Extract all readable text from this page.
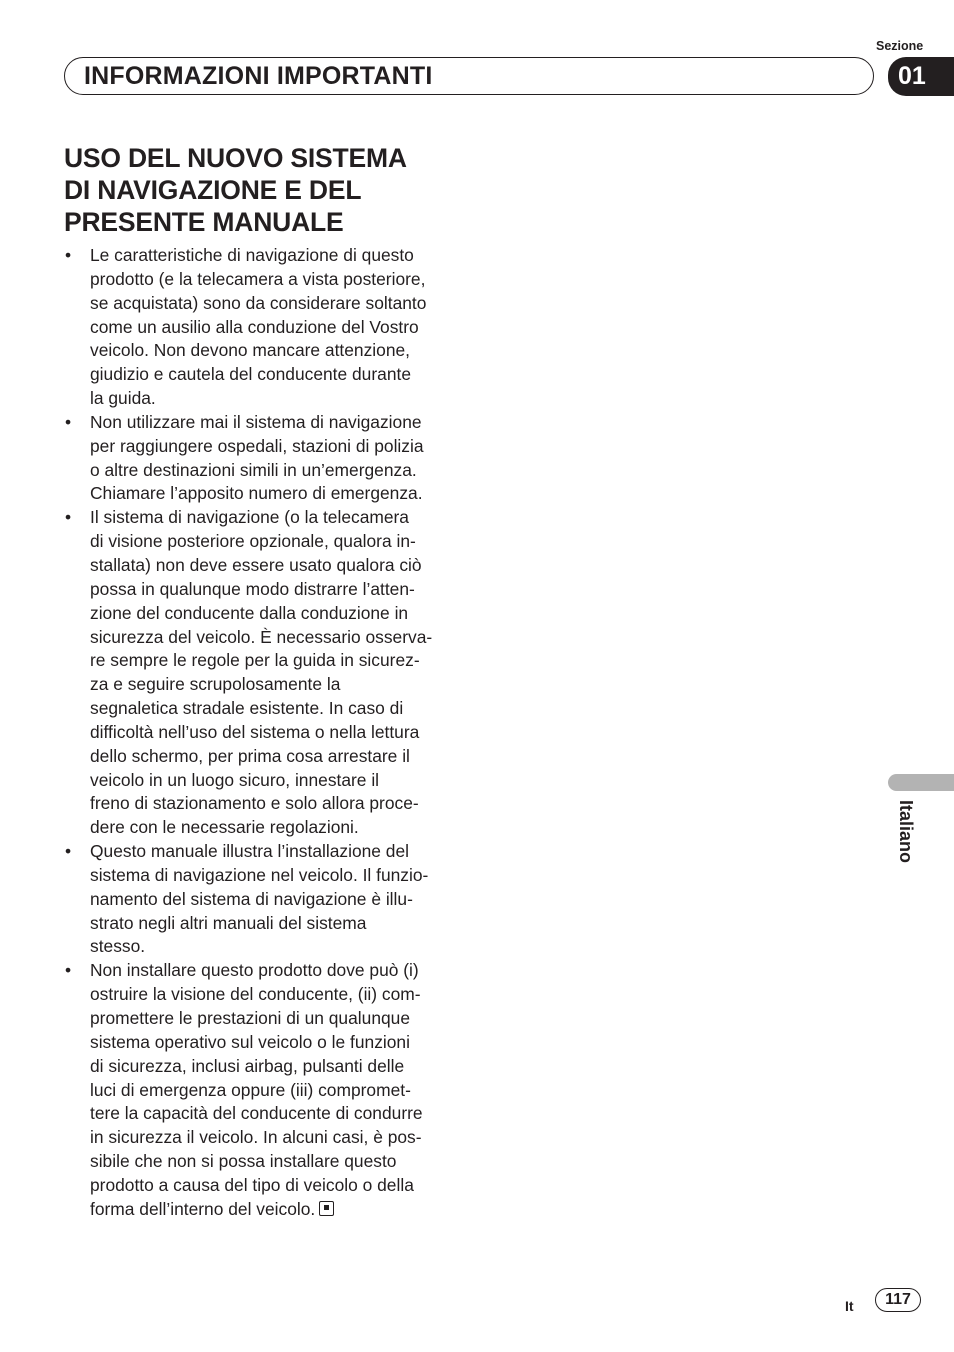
INFORMAZIONI IMPORTANTI
Sezione
01
USO DEL NUOVO SISTEMA
DI NAVIGAZIONE E DEL
PRESENTE MANUALE
• Le caratteristiche di navigazione di questo
prodotto (e la telecamera a vista posteriore,
se acquistata) sono da considerare soltanto
come un ausilio alla conduzione del Vostro
veicolo. Non devono mancare attenzione,
giudizio e cautela del conducente durante
la guida.
• Non utilizzare mai il sistema di navigazione
per raggiungere ospedali, stazioni di polizia
o altre destinazioni simili in un’emergenza.
Chiamare l’apposito numero di emergenza.
• Il sistema di navigazione (o la telecamera
di visione posteriore opzionale, qualora in-
stallata) non deve essere usato qualora ciò
possa in qualunque modo distrarre l’atten-
zione del conducente dalla conduzione in
sicurezza del veicolo. È necessario osserva-
re sempre le regole per la guida in sicurez-
za e seguire scrupolosamente la
segnaletica stradale esistente. In caso di
difficoltà nell’uso del sistema o nella lettura
dello schermo, per prima cosa arrestare il
veicolo in un luogo sicuro, innestare il
freno di stazionamento e solo allora proce-
dere con le necessarie regolazioni.
• Questo manuale illustra l’installazione del
sistema di navigazione nel veicolo. Il funzio-
namento del sistema di navigazione è illu-
strato negli altri manuali del sistema
stesso.
• Non installare questo prodotto dove può (i)
ostruire la visione del conducente, (ii) com-
promettere le prestazioni di un qualunque
sistema operativo sul veicolo o le funzioni
di sicurezza, inclusi airbag, pulsanti delle
luci di emergenza oppure (iii) compromet-
tere la capacità del conducente di condurre
in sicurezza il veicolo. In alcuni casi, è pos-
sibile che non si possa installare questo
prodotto a causa del tipo di veicolo o della
forma dell’interno del veicolo.
Italiano
It	117
